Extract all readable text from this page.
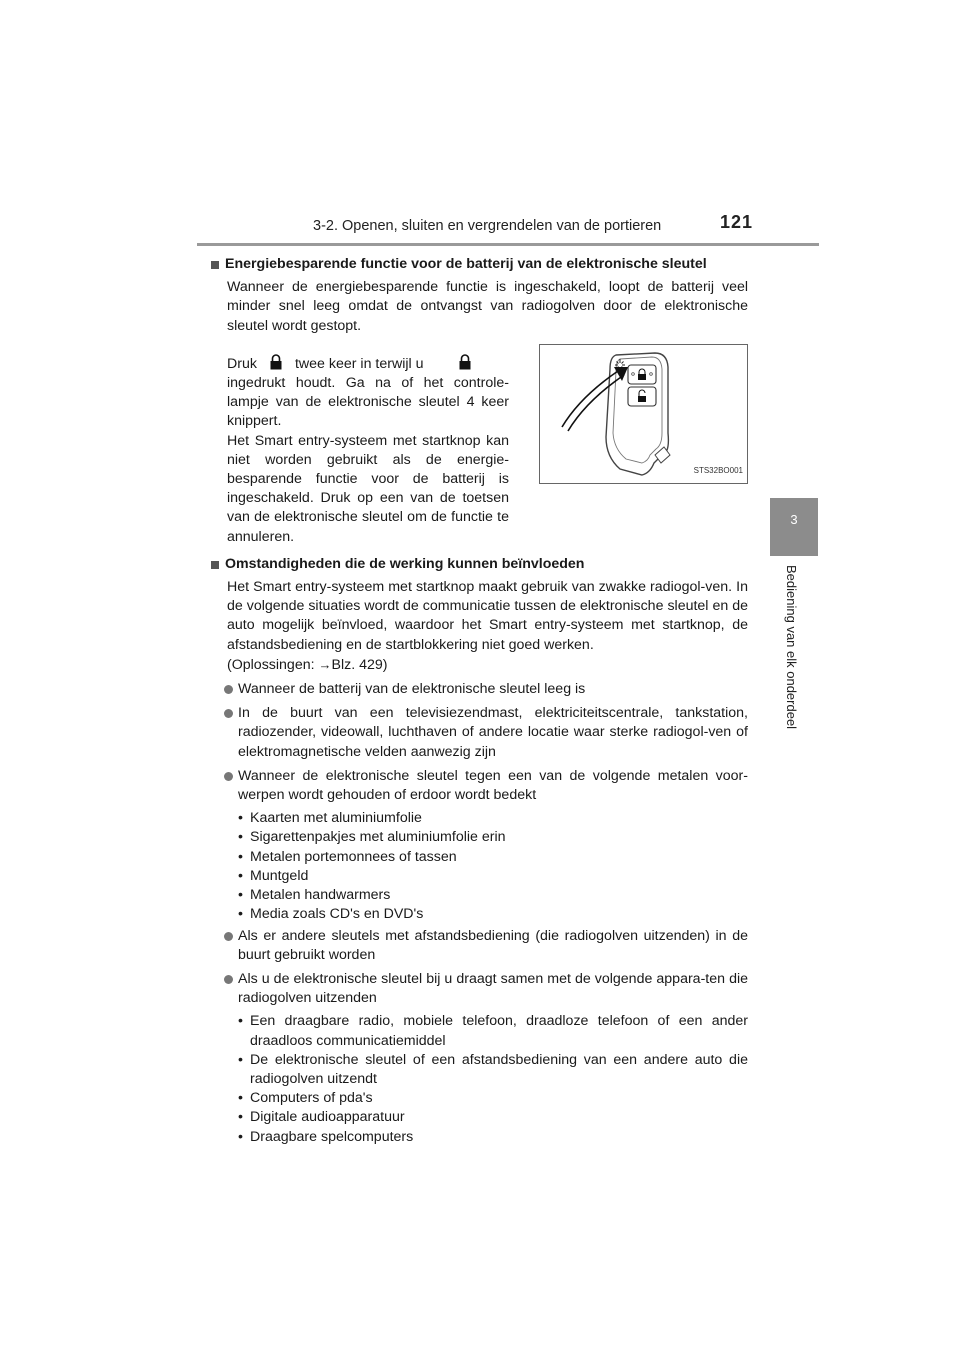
3-2. Openen, sluiten en vergrendelen van de portieren	121
3
Bediening van elk onderdeel
Energiebesparende functie voor de batterij van de elektronische sleutel

Wanneer de energiebesparende functie is ingeschakeld, loopt de batterij veel minder snel leeg omdat de ontvangst van radiogolven door de elektronische sleutel wordt gestopt.

Druk	twee keer in terwijl u
ingedrukt houdt. Ga na of het controle-lampje van de elektronische sleutel 4 keer knippert.
Het Smart entry-systeem met startknop kan niet worden gebruikt als de energie-besparende functie voor de batterij is ingeschakeld. Druk op een van de toetsen van de elektronische sleutel om de functie te annuleren.
STS32BO001
Omstandigheden die de werking kunnen beïnvloeden

Het Smart entry-systeem met startknop maakt gebruik van zwakke radiogol-ven. In de volgende situaties wordt de communicatie tussen de elektronische sleutel en de auto mogelijk beïnvloed, waardoor het Smart entry-systeem met startknop, de afstandsbediening en de startblokkering niet goed werken.

(Oplossingen: →Blz. 429)

Wanneer de batterij van de elektronische sleutel leeg is
In de buurt van een televisiezendmast, elektriciteitscentrale, tankstation, radiozender, videowall, luchthaven of andere locatie waar sterke radiogol-ven of elektromagnetische velden aanwezig zijn
Wanneer de elektronische sleutel tegen een van de volgende metalen voor-werpen wordt gehouden of erdoor wordt bedekt
• Kaarten met aluminiumfolie
• Sigarettenpakjes met aluminiumfolie erin
• Metalen portemonnees of tassen
• Muntgeld
• Metalen handwarmers
• Media zoals CD's en DVD's
Als er andere sleutels met afstandsbediening (die radiogolven uitzenden) in de buurt gebruikt worden
Als u de elektronische sleutel bij u draagt samen met de volgende appara-ten die radiogolven uitzenden
• Een draagbare radio, mobiele telefoon, draadloze telefoon of een ander draadloos communicatiemiddel
• De elektronische sleutel of een afstandsbediening van een andere auto die radiogolven uitzendt
• Computers of pda's
• Digitale audioapparatuur
• Draagbare spelcomputers
